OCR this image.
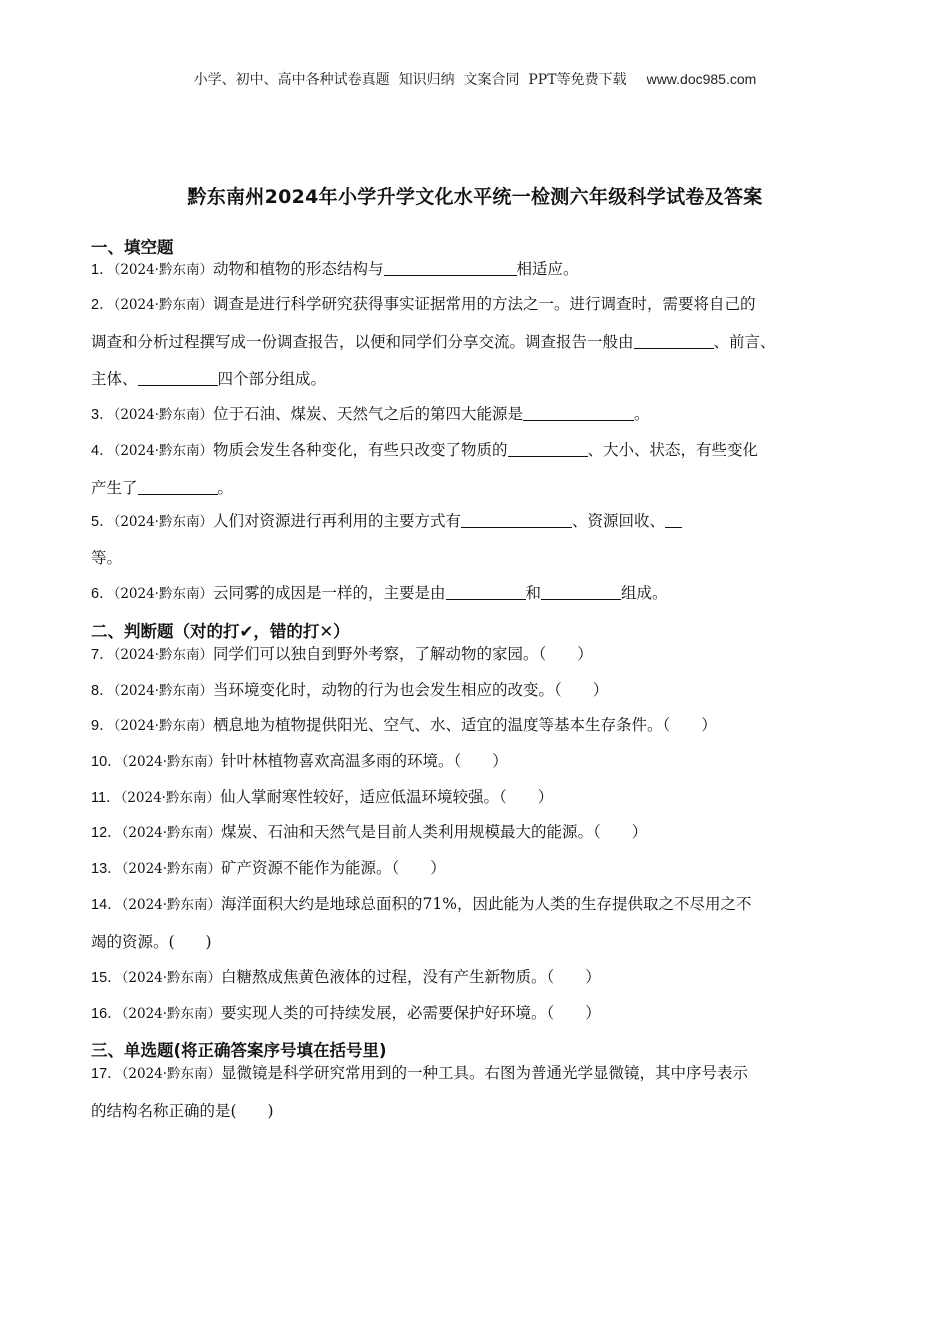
小学、初中、高中各种试卷真题  知识归纳  文案合同  PPT等免费下载 www.doc985.com
黔东南州2024年小学升学文化水平统一检测六年级科学试卷及答案
一、填空题
1．（2024·黔东南）动物和植物的形态结构与	相适应。
2．（2024·黔东南）调查是进行科学研究获得事实证据常用的方法之一。进行调查时，需要将自己的
调查和分析过程撰写成一份调查报告，以便和同学们分享交流。调查报告一般由	、前言、
主体、	四个部分组成。
3．（2024·黔东南）位于石油、煤炭、天然气之后的第四大能源是	。
4．（2024·黔东南）物质会发生各种变化，有些只改变了物质的	、大小、状态，有些变化
产生了	。
5．（2024·黔东南）人们对资源进行再利用的主要方式有	、资源回收、
等。
6．（2024·黔东南）云同雾的成因是一样的，主要是由	和	组成。
二、判断题（对的打✔，错的打✕）
7．（2024·黔东南）同学们可以独自到野外考察，了解动物的家园。（　　）
8．（2024·黔东南）当环境变化时，动物的行为也会发生相应的改变。（　　）
9．（2024·黔东南）栖息地为植物提供阳光、空气、水、适宜的温度等基本生存条件。（　　）
10．（2024·黔东南）针叶林植物喜欢高温多雨的环境。（　　）
11．（2024·黔东南）仙人掌耐寒性较好，适应低温环境较强。（　　）
12．（2024·黔东南）煤炭、石油和天然气是目前人类利用规模最大的能源。（　　）
13．（2024·黔东南）矿产资源不能作为能源。（　　）
14．（2024·黔东南）海洋面积大约是地球总面积的71%，因此能为人类的生存提供取之不尽用之不
竭的资源。(　　)
15．（2024·黔东南）白糖熬成焦黄色液体的过程，没有产生新物质。（　　）
16．（2024·黔东南）要实现人类的可持续发展，必需要保护好环境。（　　）
三、单选题(将正确答案序号填在括号里)
17．（2024·黔东南）显微镜是科学研究常用到的一种工具。右图为普通光学显微镜，其中序号表示
的结构名称正确的是(　　)
